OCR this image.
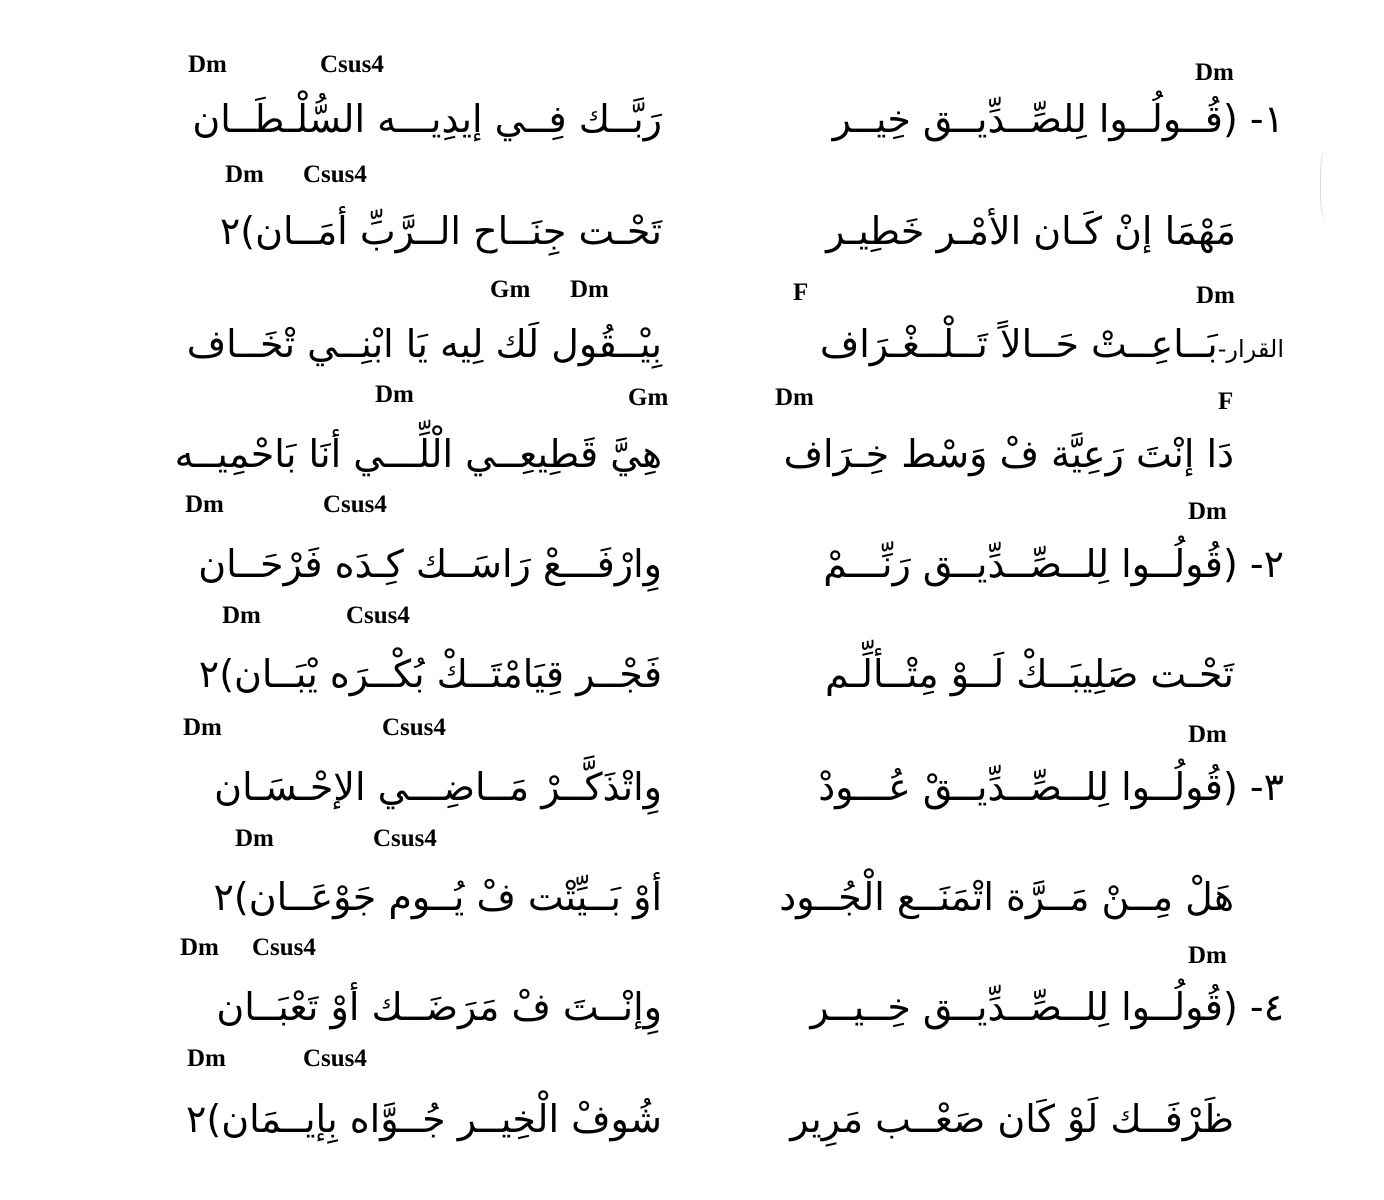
Dm
Dm	Csus4
١- (قُــولُــوا لِلصِّــدِّيــق خِيــر
رَبَّــك فِــي إيدِيـــه السُّلْـطَــان
Dm Csus4
مَهْمَا إنْ كَـان الأمْـر خَطِيـر
تَحْـت جِنَــاح الــرَّبِّ أمَــان)٢
F	Dm
Gm Dm
القرار-بَــاعِــتْ حَــالاً تَــلْــغْـرَاف
بِيْــقُول لَك لِيه يَا ابْنِــي تْخَــاف
Dm	F
Dm	Gm
دَا إنْتَ رَعِيَّة فْ وَسْط خِـرَاف
هِيَّ قَطِيعِــي الْلِّـــي أنَا بَاحْمِيــه
Dm
Dm	Csus4
٢- (قُولُــوا لِلــصِّــدِّيــق رَنِّـــمْ
وِارْفَـــعْ رَاسَــك كِـدَه فَرْحَــان
Dm	Csus4
تَحْـت صَلِيبَــكْ لَــوْ مِتْــألِّـم
فَجْــر قِيَامْتَــكْ بُكْــرَه يْبَــان)٢
Dm
Dm	Csus4
٣- (قُولُــوا لِلــصِّــدِّيــقْ عُـــودْ
وِاتْذَكَّــرْ مَــاضِـــي الإحْـسَـان
Dm	Csus4
هَلْ مِــنْ مَــرَّة اتْمَنَــع الْجُــود
أوْ بَــيِّتْت فْ يُــوم جَوْعَــان)٢
Dm
Dm Csus4
٤- (قُولُــوا لِلــصِّــدِّيــق خِــيــر
وِإنْــتَ فْ مَرَضَــك أوْ تَعْبَــان
Dm	Csus4
ظَرْفَــك لَوْ كَان صَعْــب مَرِير
شُوفْ الْخِيــر جُــوَّاه بِإيــمَان)٢
